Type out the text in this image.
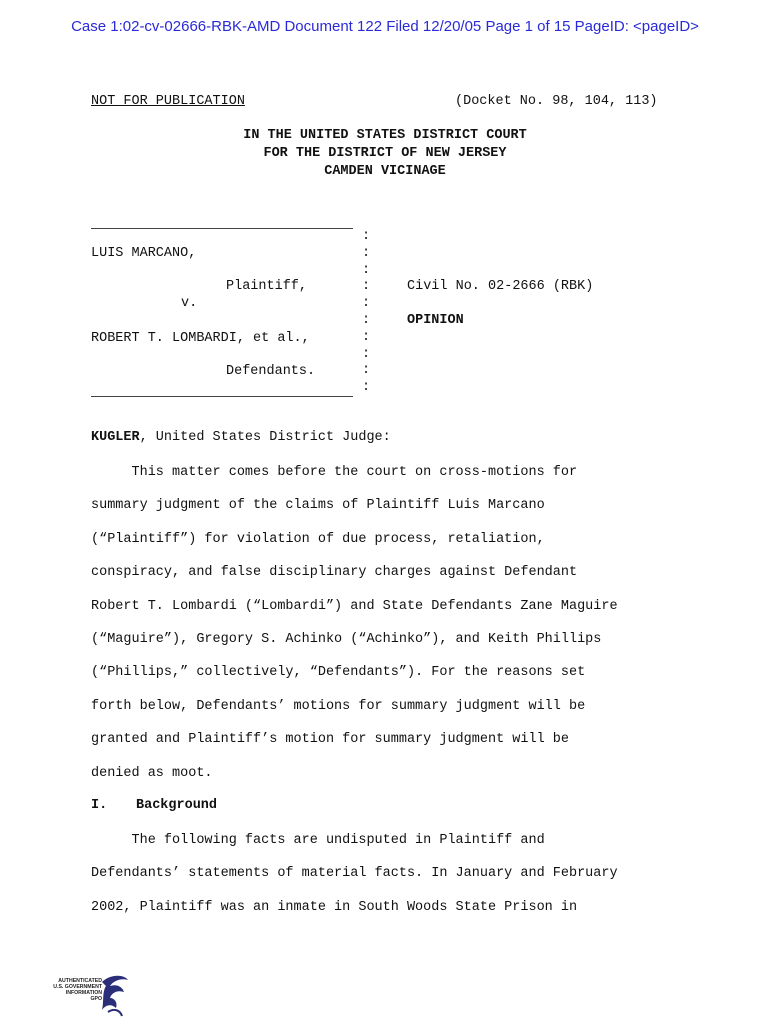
Case 1:02-cv-02666-RBK-AMD Document 122 Filed 12/20/05 Page 1 of 15 PageID: <pageID>
NOT FOR PUBLICATION	(Docket No. 98, 104, 113)
IN THE UNITED STATES DISTRICT COURT
FOR THE DISTRICT OF NEW JERSEY
CAMDEN VICINAGE
LUIS MARCANO,
Plaintiff,
v.
ROBERT T. LOMBARDI, et al.,
Defendants.
:
:
:
:
:
:
:
:
:
:
Civil No. 02-2666 (RBK)
OPINION
KUGLER, United States District Judge:
This matter comes before the court on cross-motions for
summary judgment of the claims of Plaintiff Luis Marcano
(“Plaintiff”) for violation of due process, retaliation,
conspiracy, and false disciplinary charges against Defendant
Robert T. Lombardi (“Lombardi”) and State Defendants Zane Maguire
(“Maguire”), Gregory S. Achinko (“Achinko”), and Keith Phillips
(“Phillips,” collectively, “Defendants”). For the reasons set
forth below, Defendants’ motions for summary judgment will be
granted and Plaintiff’s motion for summary judgment will be
denied as moot.
I. Background
The following facts are undisputed in Plaintiff and
Defendants’ statements of material facts. In January and February
2002, Plaintiff was an inmate in South Woods State Prison in
AUTHENTICATED
U.S. GOVERNMENT
INFORMATION
GPO
